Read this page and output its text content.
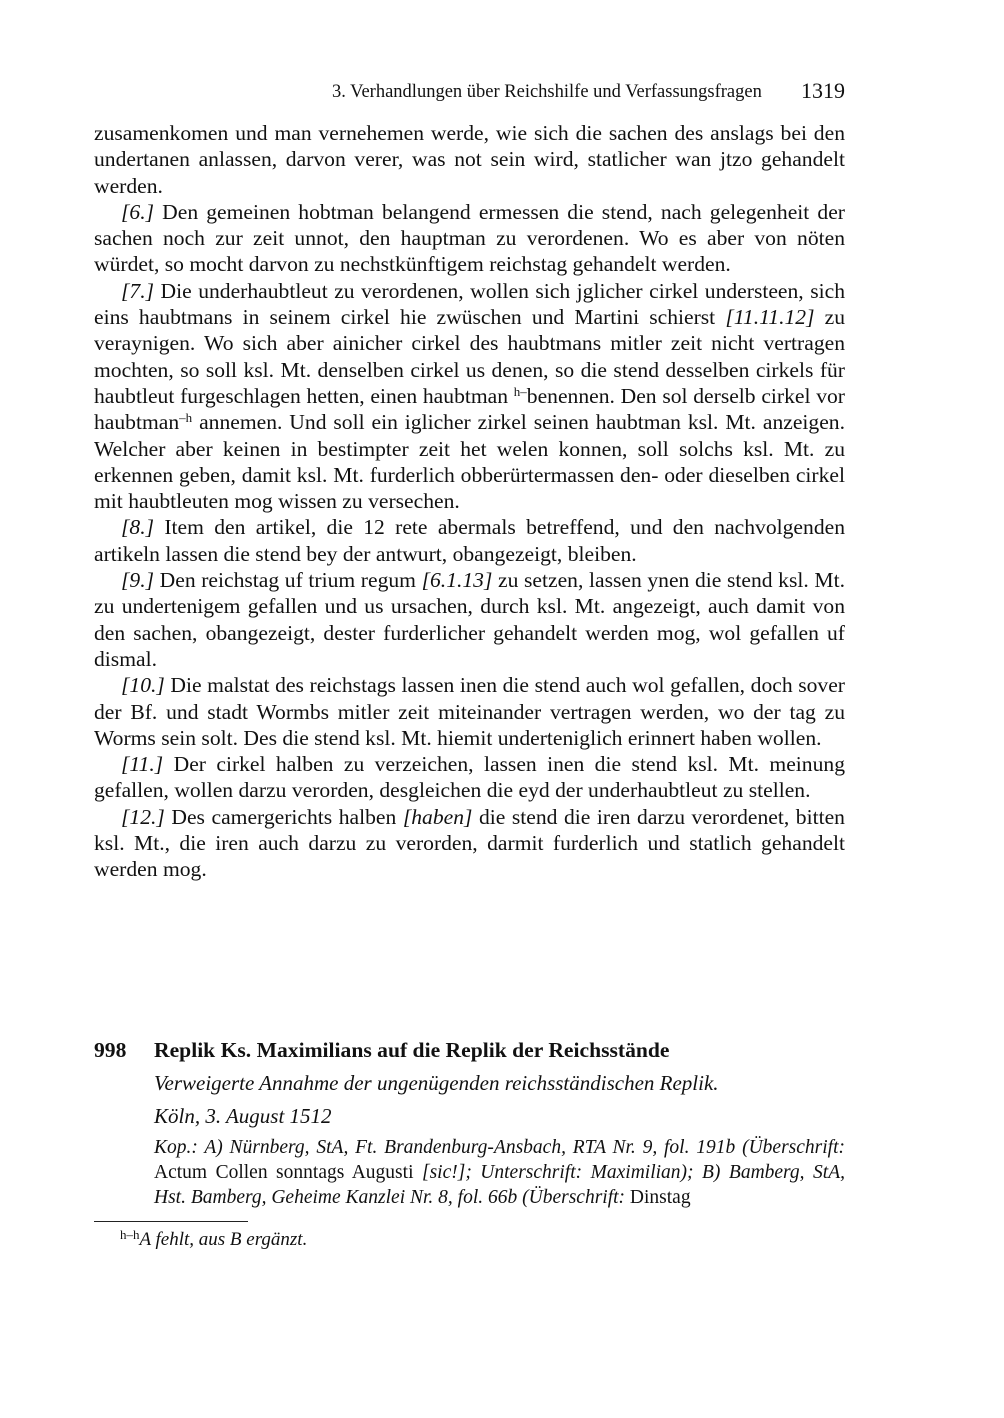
3. Verhandlungen über Reichshilfe und Verfassungsfragen 1319

zusamenkomen und man vernehemen werde, wie sich die sachen des anslags bei den undertanen anlassen, darvon verer, was not sein wird, statlicher wan jtzo gehandelt werden.

[6.] Den gemeinen hobtman belangend ermessen die stend, nach gelegenheit der sachen noch zur zeit unnot, den hauptman zu verordenen. Wo es aber von nöten würdet, so mocht darvon zu nechstkünftigem reichstag gehandelt werden.

[7.] Die underhaubtleut zu verordenen, wollen sich jglicher cirkel understeen, sich eins haubtmans in seinem cirkel hie zwüschen und Martini schierst [11.11.12] zu veraynigen. Wo sich aber ainicher cirkel des haubtmans mitler zeit nicht vertragen mochten, so soll ksl. Mt. denselben cirkel us denen, so die stend desselben cirkels für haubtleut furgeschlagen hetten, einen haubtman $^{h-}$benennen. Den sol derselb cirkel vor haubtman$^{-h}$ annemen. Und soll ein iglicher zirkel seinen haubtman ksl. Mt. anzeigen. Welcher aber keinen in bestimpter zeit het welen konnen, soll solchs ksl. Mt. zu erkennen geben, damit ksl. Mt. furderlich obberürtermassen den- oder dieselben cirkel mit haubtleuten mog wissen zu versechen.

[8.] Item den artikel, die 12 rete abermals betreffend, und den nachvolgenden artikeln lassen die stend bey der antwurt, obangezeigt, bleiben.

[9.] Den reichstag uf trium regum [6.1.13] zu setzen, lassen ynen die stend ksl. Mt. zu undertenigem gefallen und us ursachen, durch ksl. Mt. angezeigt, auch damit von den sachen, obangezeigt, dester furderlicher gehandelt werden mog, wol gefallen uf dismal.

[10.] Die malstat des reichstags lassen inen die stend auch wol gefallen, doch sover der Bf. und stadt Wormbs mitler zeit miteinander vertragen werden, wo der tag zu Worms sein solt. Des die stend ksl. Mt. hiemit underteniglich erinnert haben wollen.

[11.] Der cirkel halben zu verzeichen, lassen inen die stend ksl. Mt. meinung gefallen, wollen darzu verorden, desgleichen die eyd der underhaubtleut zu stellen.

[12.] Des camergerichts halben [haben] die stend die iren darzu verordenet, bitten ksl. Mt., die iren auch darzu zu verorden, darmit furderlich und statlich gehandelt werden mog.

998 Replik Ks. Maximilians auf die Replik der Reichsstände
Verweigerte Annahme der ungenügenden reichsständischen Replik.
Köln, 3. August 1512
Kop.: A) Nürnberg, StA, Ft. Brandenburg-Ansbach, RTA Nr. 9, fol. 191b (Überschrift: Actum Collen sonntags Augusti [sic!]; Unterschrift: Maximilian); B) Bamberg, StA, Hst. Bamberg, Geheime Kanzlei Nr. 8, fol. 66b (Überschrift: Dinstag
$^{h-h}$A fehlt, aus B ergänzt.
